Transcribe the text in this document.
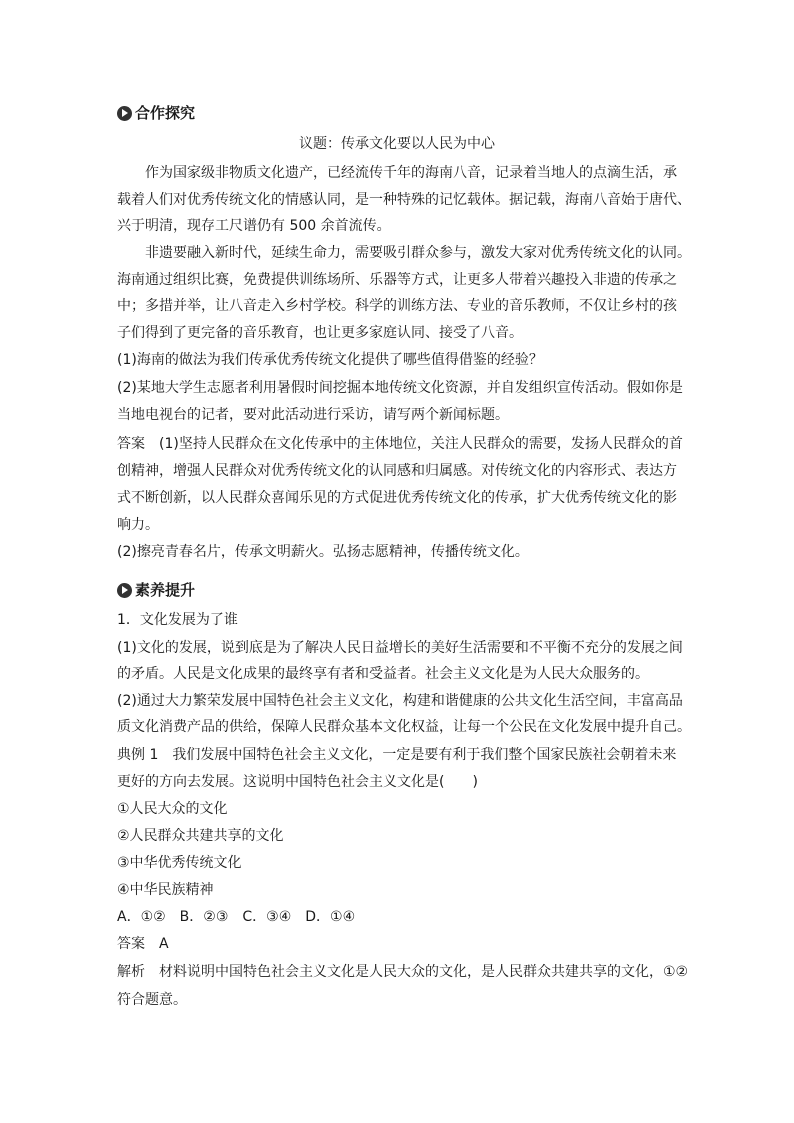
合作探究
议题：传承文化要以人民为中心
作为国家级非物质文化遗产，已经流传千年的海南八音，记录着当地人的点滴生活，承
载着人们对优秀传统文化的情感认同，是一种特殊的记忆载体。据记载，海南八音始于唐代、
兴于明清，现存工尺谱仍有 500 余首流传。
非遗要融入新时代，延续生命力，需要吸引群众参与，激发大家对优秀传统文化的认同。
海南通过组织比赛，免费提供训练场所、乐器等方式，让更多人带着兴趣投入非遗的传承之
中；多措并举，让八音走入乡村学校。科学的训练方法、专业的音乐教师，不仅让乡村的孩
子们得到了更完备的音乐教育，也让更多家庭认同、接受了八音。
(1)海南的做法为我们传承优秀传统文化提供了哪些值得借鉴的经验？
(2)某地大学生志愿者利用暑假时间挖掘本地传统文化资源，并自发组织宣传活动。假如你是
当地电视台的记者，要对此活动进行采访，请写两个新闻标题。
答案 (1)坚持人民群众在文化传承中的主体地位，关注人民群众的需要，发扬人民群众的首
创精神，增强人民群众对优秀传统文化的认同感和归属感。对传统文化的内容形式、表达方
式不断创新，以人民群众喜闻乐见的方式促进优秀传统文化的传承，扩大优秀传统文化的影
响力。
(2)擦亮青春名片，传承文明薪火。弘扬志愿精神，传播传统文化。
素养提升
1．文化发展为了谁
(1)文化的发展，说到底是为了解决人民日益增长的美好生活需要和不平衡不充分的发展之间
的矛盾。人民是文化成果的最终享有者和受益者。社会主义文化是为人民大众服务的。
(2)通过大力繁荣发展中国特色社会主义文化，构建和谐健康的公共文化生活空间，丰富高品
质文化消费产品的供给，保障人民群众基本文化权益，让每一个公民在文化发展中提升自己。
典例 1 我们发展中国特色社会主义文化，一定是要有利于我们整个国家民族社会朝着未来
更好的方向去发展。这说明中国特色社会主义文化是(　　)
①人民大众的文化
②人民群众共建共享的文化
③中华优秀传统文化
④中华民族精神
A．①②　B．②③　C．③④　D．①④
答案 A
解析 材料说明中国特色社会主义文化是人民大众的文化，是人民群众共建共享的文化，①②
符合题意。
